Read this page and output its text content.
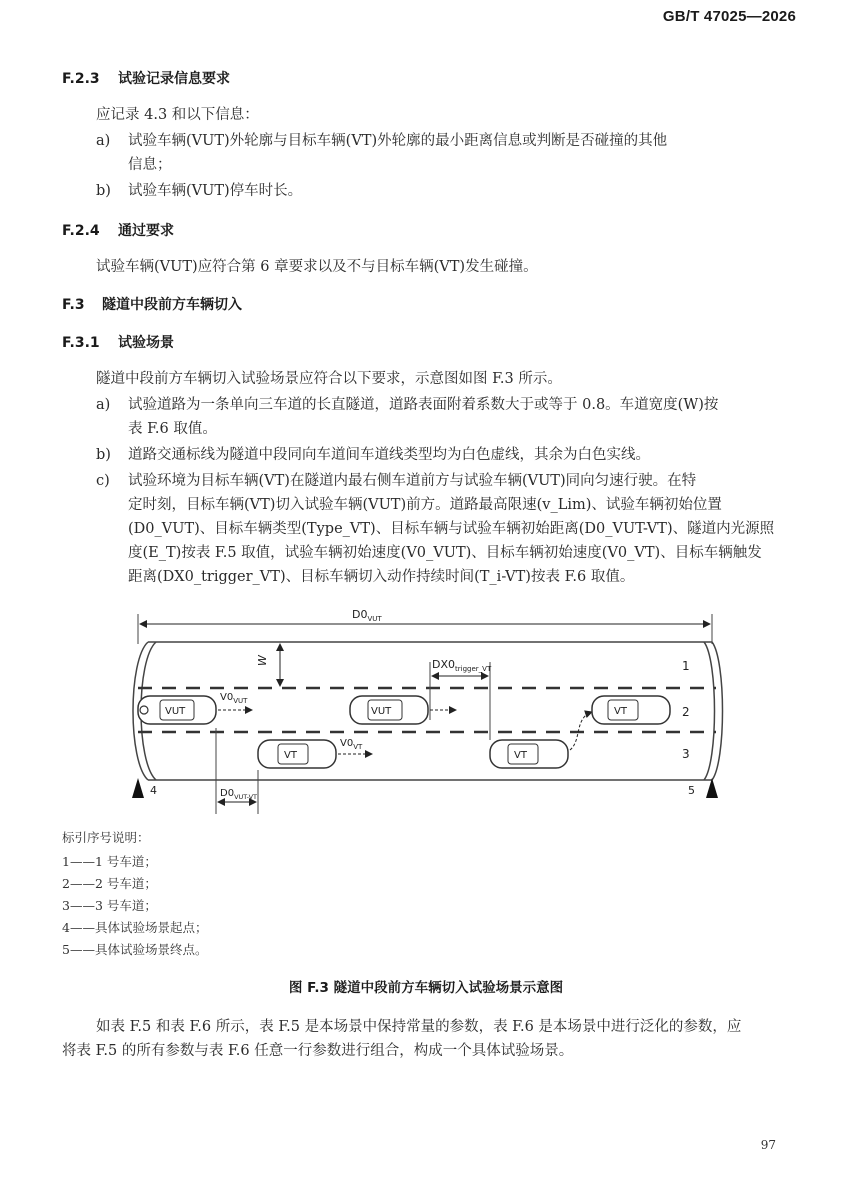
GB/T 47025—2026
F.2.3 试验记录信息要求
应记录 4.3 和以下信息：
a) 试验车辆(VUT)外轮廓与目标车辆(VT)外轮廓的最小距离信息或判断是否碰撞的其他
信息；
b) 试验车辆(VUT)停车时长。
F.2.4 通过要求
试验车辆(VUT)应符合第 6 章要求以及不与目标车辆(VT)发生碰撞。
F.3 隧道中段前方车辆切入
F.3.1 试验场景
隧道中段前方车辆切入试验场景应符合以下要求，示意图如图 F.3 所示。
a) 试验道路为一条单向三车道的长直隧道，道路表面附着系数大于或等于 0.8。车道宽度(W)按
表 F.6 取值。
b) 道路交通标线为隧道中段同向车道间车道线类型均为白色虚线，其余为白色实线。
c) 试验环境为目标车辆(VT)在隧道内最右侧车道前方与试验车辆(VUT)同向匀速行驶。在特
定时刻，目标车辆(VT)切入试验车辆(VUT)前方。道路最高限速(v_Lim)、试验车辆初始位置
(D0_VUT)、目标车辆类型(Type_VT)、目标车辆与试验车辆初始距离(D0_VUT-VT)、隧道内光源照
度(E_T)按表 F.5 取值，试验车辆初始速度(V0_VUT)、目标车辆初始速度(V0_VT)、目标车辆触发
距离(DX0_trigger_VT)、目标车辆切入动作持续时间(T_i-VT)按表 F.6 取值。
$D0_{VUT}$
W	$DX0_{trigger\_VT}$	1
2
3
VUT
$V0_{VUT}$
VUT
VT
$V0_{VT}$
VT
VT
$D0_{VUT-VT}$
4	5
标引序号说明：
1——1 号车道；
2——2 号车道；
3——3 号车道；
4——具体试验场景起点；
5——具体试验场景终点。
图 F.3 隧道中段前方车辆切入试验场景示意图
如表 F.5 和表 F.6 所示，表 F.5 是本场景中保持常量的参数，表 F.6 是本场景中进行泛化的参数，应
将表 F.5 的所有参数与表 F.6 任意一行参数进行组合，构成一个具体试验场景。
97
